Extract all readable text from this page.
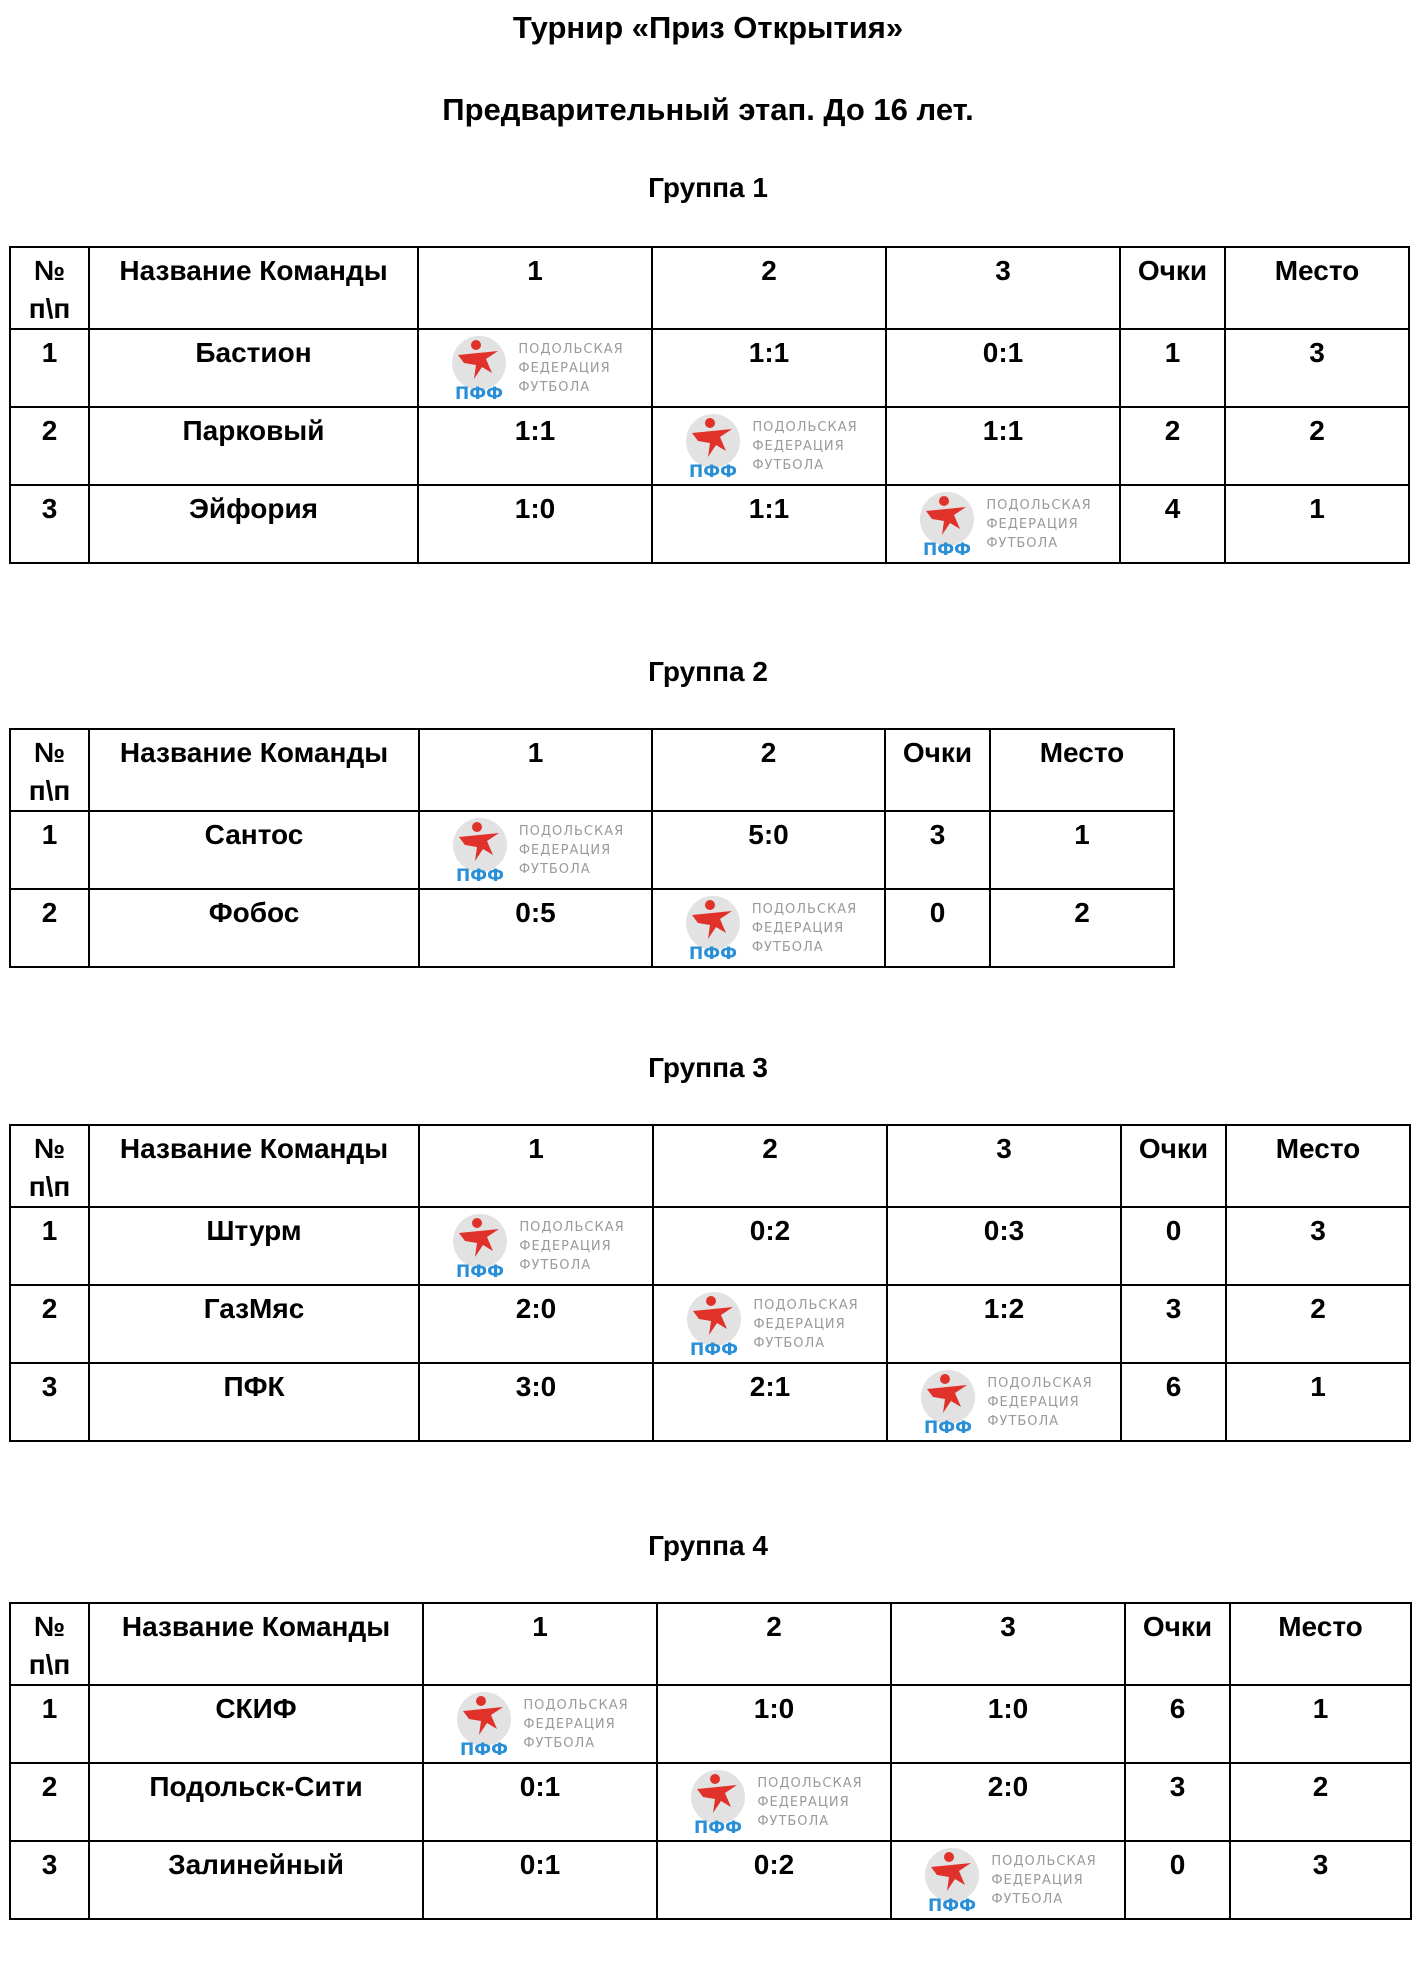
Турнир «Приз Открытия»
Предварительный этап. До 16 лет.
Группа 1
№ п\п	Название Команды	1	2	3	Очки	Место
1	Бастион	ПФФ
ПОДОЛЬСКАЯ
ФЕДЕРАЦИЯ
ФУТБОЛА	1:1	0:1	1	3
2	Парковый	1:1	ПФФ
ПОДОЛЬСКАЯ
ФЕДЕРАЦИЯ
ФУТБОЛА	1:1	2	2
3	Эйфория	1:0	1:1	ПФФ
ПОДОЛЬСКАЯ
ФЕДЕРАЦИЯ
ФУТБОЛА	4	1
Группа 2
№ п\п	Название Команды	1	2	Очки	Место
1	Сантос	ПФФ
ПОДОЛЬСКАЯ
ФЕДЕРАЦИЯ
ФУТБОЛА	5:0	3	1
2	Фобос	0:5	ПФФ
ПОДОЛЬСКАЯ
ФЕДЕРАЦИЯ
ФУТБОЛА	0	2
Группа 3
№ п\п	Название Команды	1	2	3	Очки	Место
1	Штурм	ПФФ
ПОДОЛЬСКАЯ
ФЕДЕРАЦИЯ
ФУТБОЛА	0:2	0:3	0	3
2	ГазМяс	2:0	ПФФ
ПОДОЛЬСКАЯ
ФЕДЕРАЦИЯ
ФУТБОЛА	1:2	3	2
3	ПФК	3:0	2:1	ПФФ
ПОДОЛЬСКАЯ
ФЕДЕРАЦИЯ
ФУТБОЛА	6	1
Группа 4
№ п\п	Название Команды	1	2	3	Очки	Место
1	СКИФ	ПФФ
ПОДОЛЬСКАЯ
ФЕДЕРАЦИЯ
ФУТБОЛА	1:0	1:0	6	1
2	Подольск-Сити	0:1	ПФФ
ПОДОЛЬСКАЯ
ФЕДЕРАЦИЯ
ФУТБОЛА	2:0	3	2
3	Залинейный	0:1	0:2	ПФФ
ПОДОЛЬСКАЯ
ФЕДЕРАЦИЯ
ФУТБОЛА	0	3
